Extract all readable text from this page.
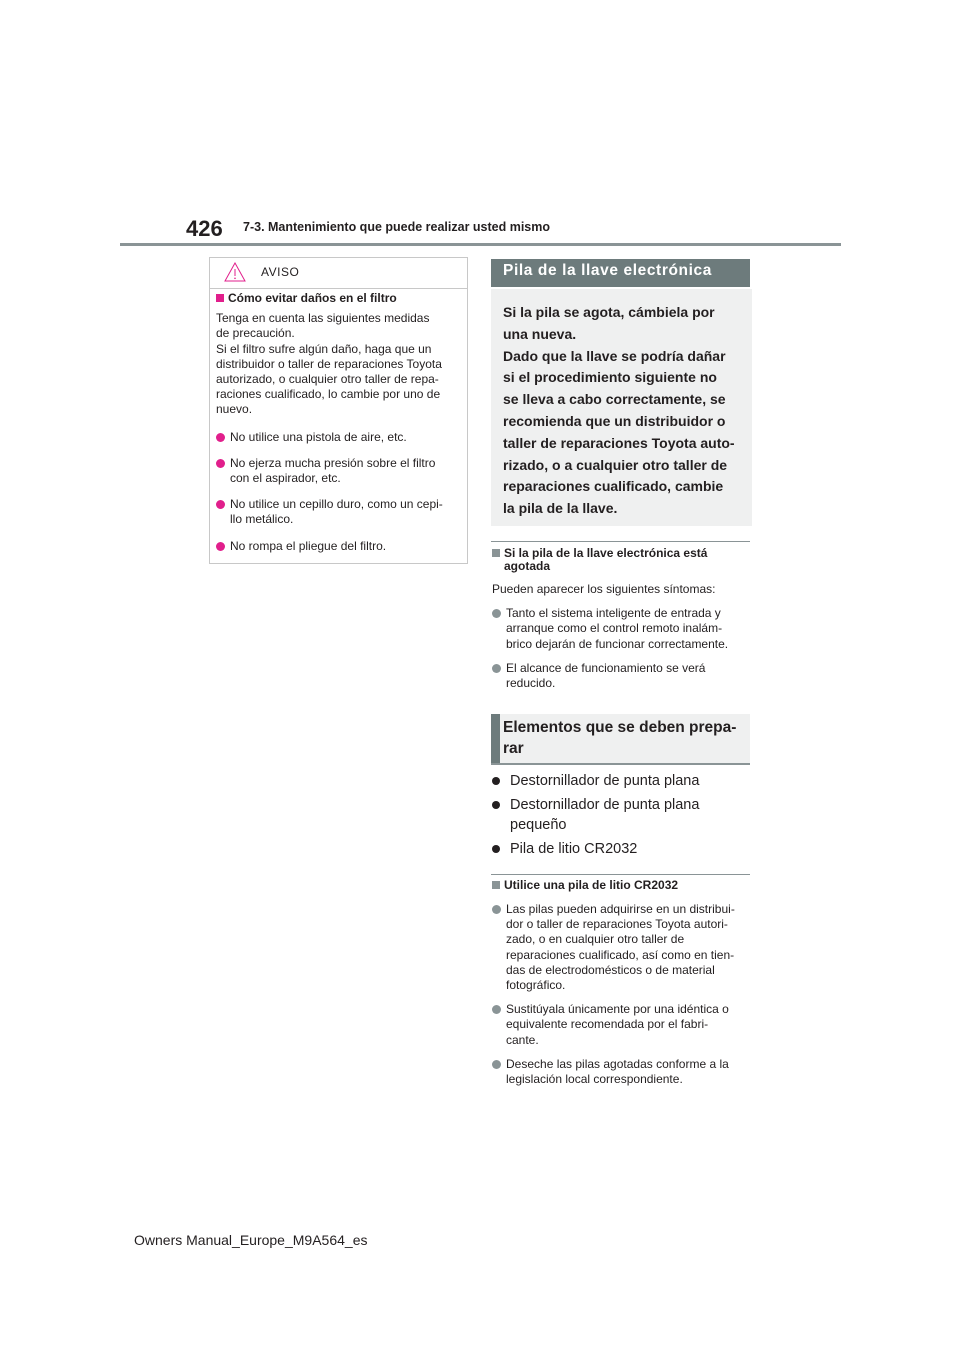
426 7-3. Mantenimiento que puede realizar usted mismo
AVISO
Cómo evitar daños en el filtro
Tenga en cuenta las siguientes medidas
de precaución.
Si el filtro sufre algún daño, haga que un
distribuidor o taller de reparaciones Toyota
autorizado, o cualquier otro taller de repa-
raciones cualificado, lo cambie por uno de
nuevo.
No utilice una pistola de aire, etc.
No ejerza mucha presión sobre el filtro
con el aspirador, etc.
No utilice un cepillo duro, como un cepi-
llo metálico.
No rompa el pliegue del filtro.
Pila de la llave electrónica
Si la pila se agota, cámbiela por
una nueva.
Dado que la llave se podría dañar
si el procedimiento siguiente no
se lleva a cabo correctamente, se
recomienda que un distribuidor o
taller de reparaciones Toyota auto-
rizado, o a cualquier otro taller de
reparaciones cualificado, cambie
la pila de la llave.
Si la pila de la llave electrónica está
agotada
Pueden aparecer los siguientes síntomas:
Tanto el sistema inteligente de entrada y
arranque como el control remoto inalám-
brico dejarán de funcionar correctamente.
El alcance de funcionamiento se verá
reducido.
Elementos que se deben prepa-
rar
Destornillador de punta plana
Destornillador de punta plana
pequeño
Pila de litio CR2032
Utilice una pila de litio CR2032
Las pilas pueden adquirirse en un distribui-
dor o taller de reparaciones Toyota autori-
zado, o en cualquier otro taller de
reparaciones cualificado, así como en tien-
das de electrodomésticos o de material
fotográfico.
Sustitúyala únicamente por una idéntica o
equivalente recomendada por el fabri-
cante.
Deseche las pilas agotadas conforme a la
legislación local correspondiente.
Owners Manual_Europe_M9A564_es
